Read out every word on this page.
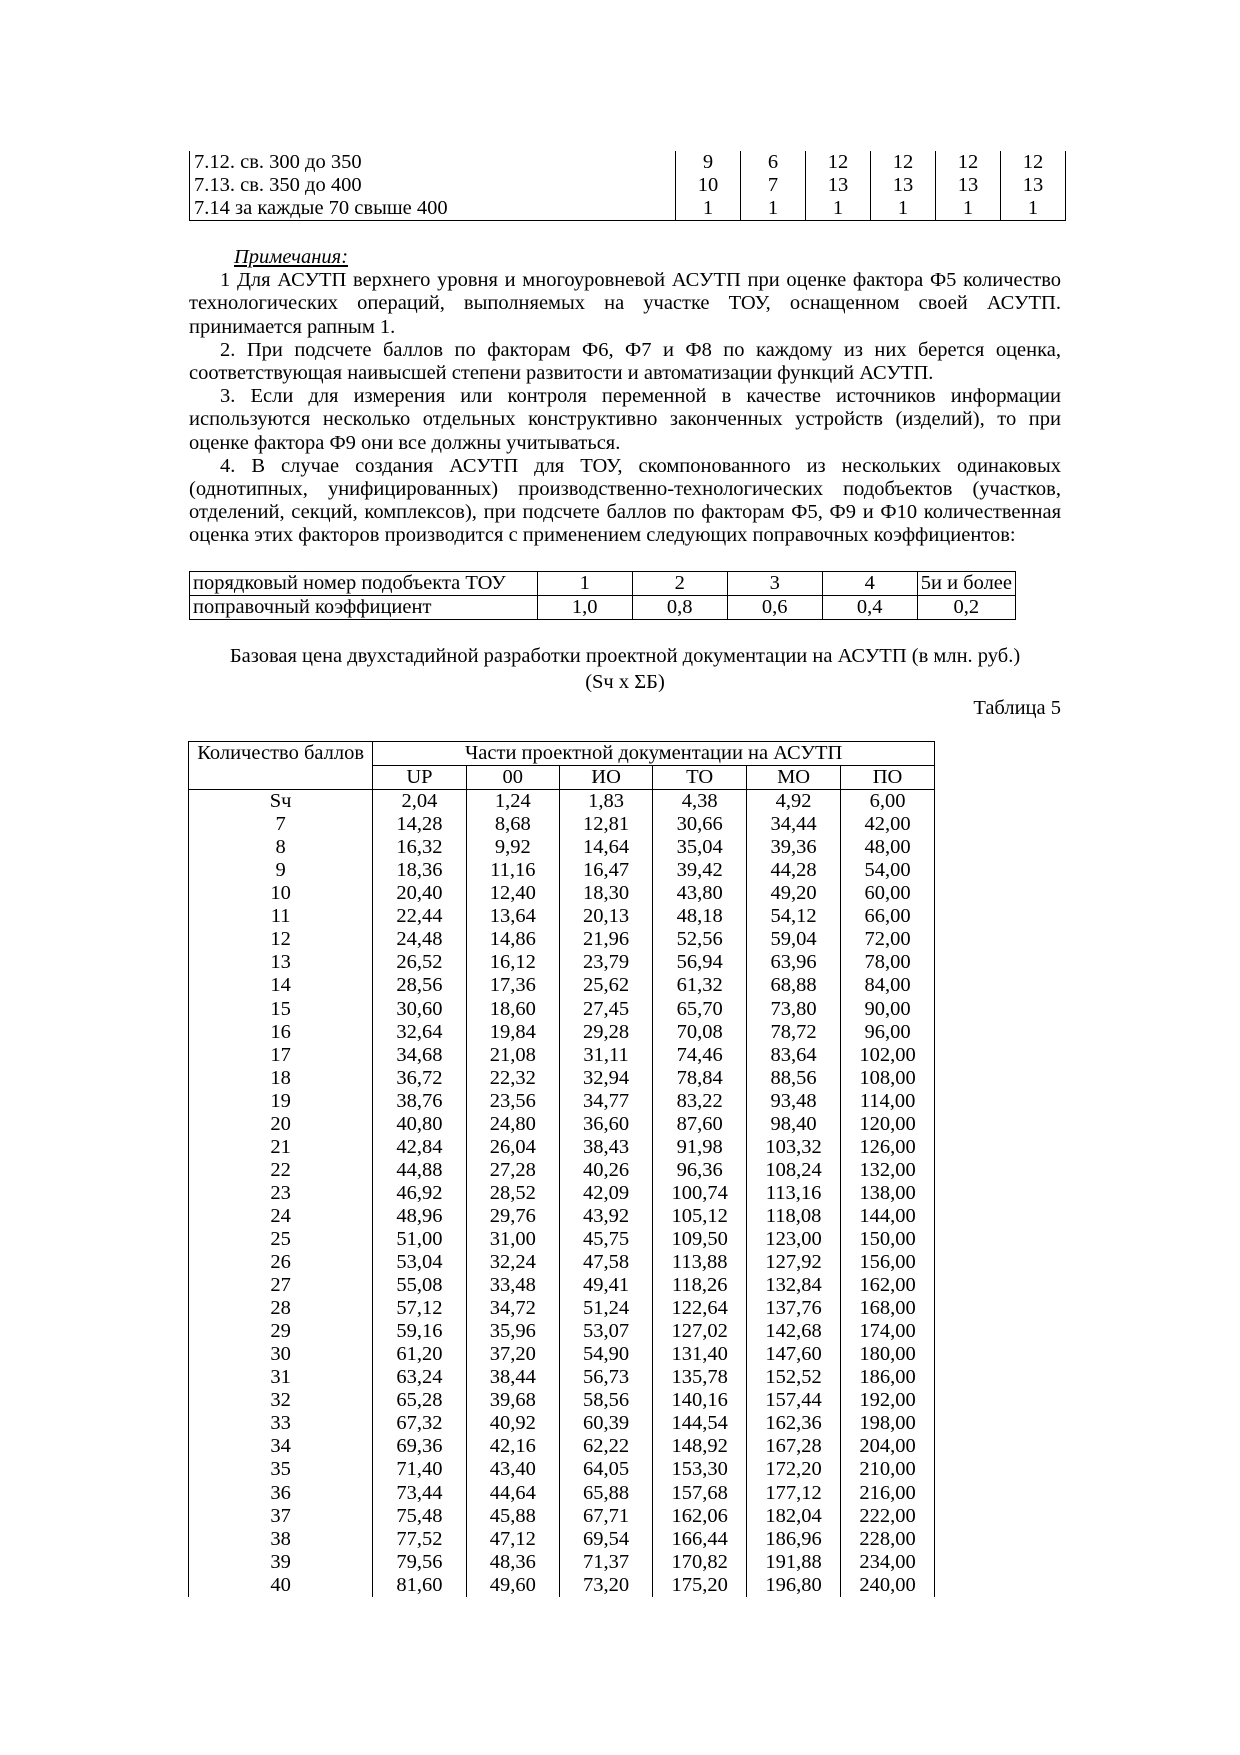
7.12. св. 300 до 350	9	6	12	12	12	12
7.13. св. 350 до 400	10	7	13	13	13	13
7.14 за каждые 70 свыше 400	1	1	1	1	1	1
Примечания:

1 Для АСУТП верхнего уровня и многоуровневой АСУТП при оценке фактора Ф5 количество технологических операций, выполняемых на участке ТОУ, оснащенном своей АСУТП. принимается рапным 1.

2. При подсчете баллов по факторам Ф6, Ф7 и Ф8 по каждому из них берется оценка, соответствующая наивысшей степени развитости и автоматизации функций АСУТП.

3. Если для измерения или контроля переменной в качестве источников информации используются несколько отдельных конструктивно законченных устройств (изделий), то при оценке фактора Ф9 они все должны учитываться.

4. В случае создания АСУТП для ТОУ, скомпонованного из нескольких одинаковых (однотипных, унифицированных) производственно-технологических подобъектов (участков, отделений, секций, комплексов), при подсчете баллов по факторам Ф5, Ф9 и Ф10 количественная оценка этих факторов производится с применением следующих поправочных коэффициентов:

порядковый номер подобъекта ТОУ	1	2	3	4	5и и более
поправочный коэффициент	1,0	0,8	0,6	0,4	0,2
Базовая цена двухстадийной разработки проектной документации на АСУТП (в млн. руб.)
(Sч х ΣБ)
Таблица 5
Количество баллов	Части проектной документации на АСУТП					
	UP	00	ИО	ТО	МО	ПО
Sч	2,04	1,24	1,83	4,38	4,92	6,00
7	14,28	8,68	12,81	30,66	34,44	42,00
8	16,32	9,92	14,64	35,04	39,36	48,00
9	18,36	11,16	16,47	39,42	44,28	54,00
10	20,40	12,40	18,30	43,80	49,20	60,00
11	22,44	13,64	20,13	48,18	54,12	66,00
12	24,48	14,86	21,96	52,56	59,04	72,00
13	26,52	16,12	23,79	56,94	63,96	78,00
14	28,56	17,36	25,62	61,32	68,88	84,00
15	30,60	18,60	27,45	65,70	73,80	90,00
16	32,64	19,84	29,28	70,08	78,72	96,00
17	34,68	21,08	31,11	74,46	83,64	102,00
18	36,72	22,32	32,94	78,84	88,56	108,00
19	38,76	23,56	34,77	83,22	93,48	114,00
20	40,80	24,80	36,60	87,60	98,40	120,00
21	42,84	26,04	38,43	91,98	103,32	126,00
22	44,88	27,28	40,26	96,36	108,24	132,00
23	46,92	28,52	42,09	100,74	113,16	138,00
24	48,96	29,76	43,92	105,12	118,08	144,00
25	51,00	31,00	45,75	109,50	123,00	150,00
26	53,04	32,24	47,58	113,88	127,92	156,00
27	55,08	33,48	49,41	118,26	132,84	162,00
28	57,12	34,72	51,24	122,64	137,76	168,00
29	59,16	35,96	53,07	127,02	142,68	174,00
30	61,20	37,20	54,90	131,40	147,60	180,00
31	63,24	38,44	56,73	135,78	152,52	186,00
32	65,28	39,68	58,56	140,16	157,44	192,00
33	67,32	40,92	60,39	144,54	162,36	198,00
34	69,36	42,16	62,22	148,92	167,28	204,00
35	71,40	43,40	64,05	153,30	172,20	210,00
36	73,44	44,64	65,88	157,68	177,12	216,00
37	75,48	45,88	67,71	162,06	182,04	222,00
38	77,52	47,12	69,54	166,44	186,96	228,00
39	79,56	48,36	71,37	170,82	191,88	234,00
40	81,60	49,60	73,20	175,20	196,80	240,00
